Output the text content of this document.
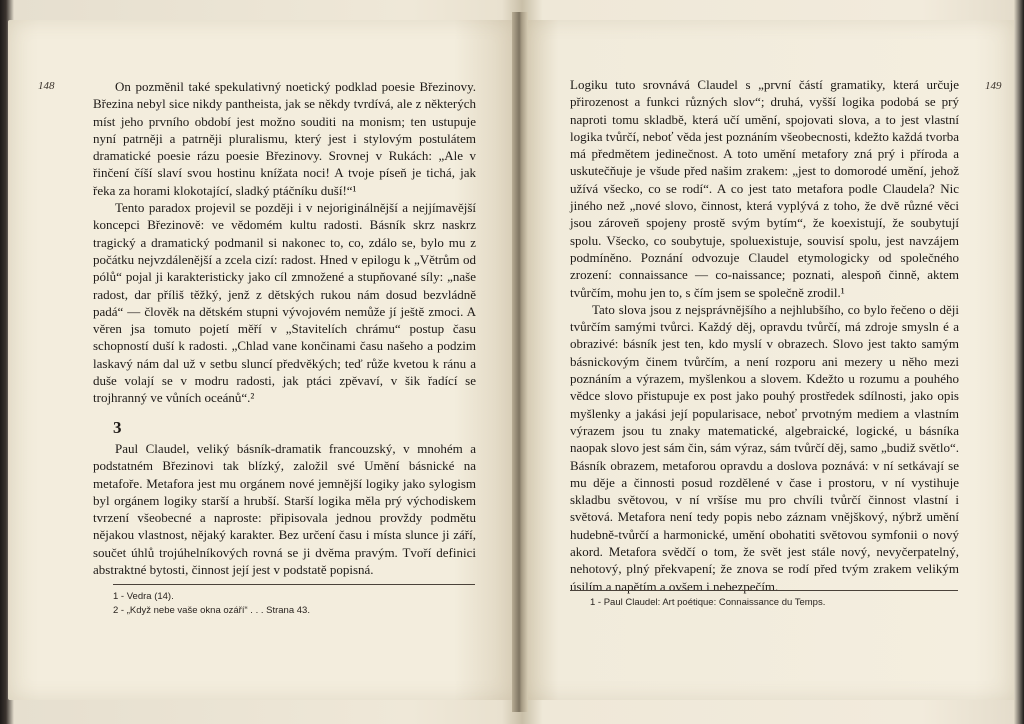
148	On pozměnil také spekulativný noetický podklad poesie Březinovy. Březina nebyl sice nikdy pantheista, jak se někdy tvrdívá, ale z některých míst jeho prvního období jest možno souditi na monism; ten ustupuje nyní patrněji a patrněji pluralismu, který jest i stylovým postulátem dramatické poesie rázu poesie Březinovy. Srovnej v Rukách: „Ale v řinčení číší slaví svou hostinu knížata noci! A tvoje píseň je tichá, jak řeka za horami klokotající, sladký ptáčníku duší!“¹

Tento paradox projevil se později i v nejoriginálnější a nejjímavější koncepci Březinově: ve vědomém kultu radosti. Básník skrz naskrz tragický a dramatický podmanil si nakonec to, co, zdálo se, bylo mu z počátku nejvzdálenější a zcela cizí: radost. Hned v epilogu k „Větrům od pólů“ pojal ji karakteristicky jako cíl zmnožené a stupňované síly: „naše radost, dar příliš těžký, jenž z dětských rukou nám dosud bezvládně padá“ — člověk na dětském stupni vývojovém nemůže jí ještě zmoci. A věren jsa tomuto pojetí měří v „Stavitelích chrámu“ postup času schopností duší k radosti. „Chlad vane končinami času našeho a podzim laskavý nám dal už v setbu sluncí předvěkých; teď růže kvetou k ránu a duše volají se v modru radosti, jak ptáci zpěvaví, v šik řadící se trojhranný ve vůních oceánů“.²

3

Paul Claudel, veliký básník-dramatik francouzský, v mnohém a podstatném Březinovi tak blízký, založil své Umění básnické na metafoře. Metafora jest mu orgánem nové jemnější logiky jako sylogism byl orgánem logiky starší a hrubší. Starší logika měla prý východiskem tvrzení všeobecné a naproste: připisovala jednou provždy podmětu nějakou vlastnost, nějaký karakter. Bez určení času i místa slunce ji září, součet úhlů trojúhelníkových rovná se ji dvěma pravým. Tvoří definici abstraktné bytosti, činnost její jest v podstatě popisná.

1 - Vedra (14).
2 - „Když nebe vaše okna ozáří“ . . . Strana 43.
149

Logiku tuto srovnává Claudel s „první částí gramatiky, která určuje přirozenost a funkci různých slov“; druhá, vyšší logika podobá se prý naproti tomu skladbě, která učí umění, spojovati slova, a to jest vlastní logika tvůrčí, neboť věda jest poznáním všeobecnosti, kdežto každá tvorba má předmětem jedinečnost. A toto umění metafory zná prý i příroda a uskutečňuje je všude před našim zrakem: „jest to domorodé umění, jehož užívá všecko, co se rodí“. A co jest tato metafora podle Claudela? Nic jiného než „nové slovo, činnost, která vyplývá z toho, že dvě různé věci jsou zároveň spojeny prostě svým bytím“, že koexistují, že soubytují spolu. Všecko, co soubytuje, spoluexistuje, souvisí spolu, jest navzájem podmíněno. Poznání odvozuje Claudel etymologicky od společného zrození: connaissance — co-naissance; poznati, alespoň činně, aktem tvůrčím, mohu jen to, s čím jsem se společně zrodil.¹

Tato slova jsou z nejsprávnějšího a nejhlubšího, co bylo řečeno o ději tvůrčím samými tvůrci. Každý děj, opravdu tvůrčí, má zdroje smysln é a obrazivé: básník jest ten, kdo myslí v obrazech. Slovo jest takto samým básnickovým činem tvůrčím, a není rozporu ani mezery u něho mezi poznáním a výrazem, myšlenkou a slovem. Kdežto u rozumu a pouhého vědce slovo přistupuje ex post jako pouhý prostředek sdílnosti, jako opis myšlenky a jakási její popularisace, neboť prvotným mediem a vlastním výrazem jsou tu znaky matematické, algebraické, logické, u básníka naopak slovo jest sám čin, sám výraz, sám tvůrčí děj, samo „budiž světlo“. Básník obrazem, metaforou opravdu a doslova poznává: v ní setkávají se mu děje a činnosti posud rozdělené v čase i prostoru, v ní vystihuje skladbu světovou, v ní vršíse mu pro chvíli tvůrčí činnost vlastní i světová. Metafora není tedy popis nebo záznam vnějškový, nýbrž umění hudebně-tvůrčí a harmonické, umění obohatiti světovou symfonii o nový akord. Metafora svědčí o tom, že svět jest stále nový, nevyčerpatelný, nehotový, plný překvapení; že znova se rodí před tvým zrakem velikým úsilím a napětím a ovšem i nebezpečím.

1 - Paul Claudel: Art poétique: Connaissance du Temps.
